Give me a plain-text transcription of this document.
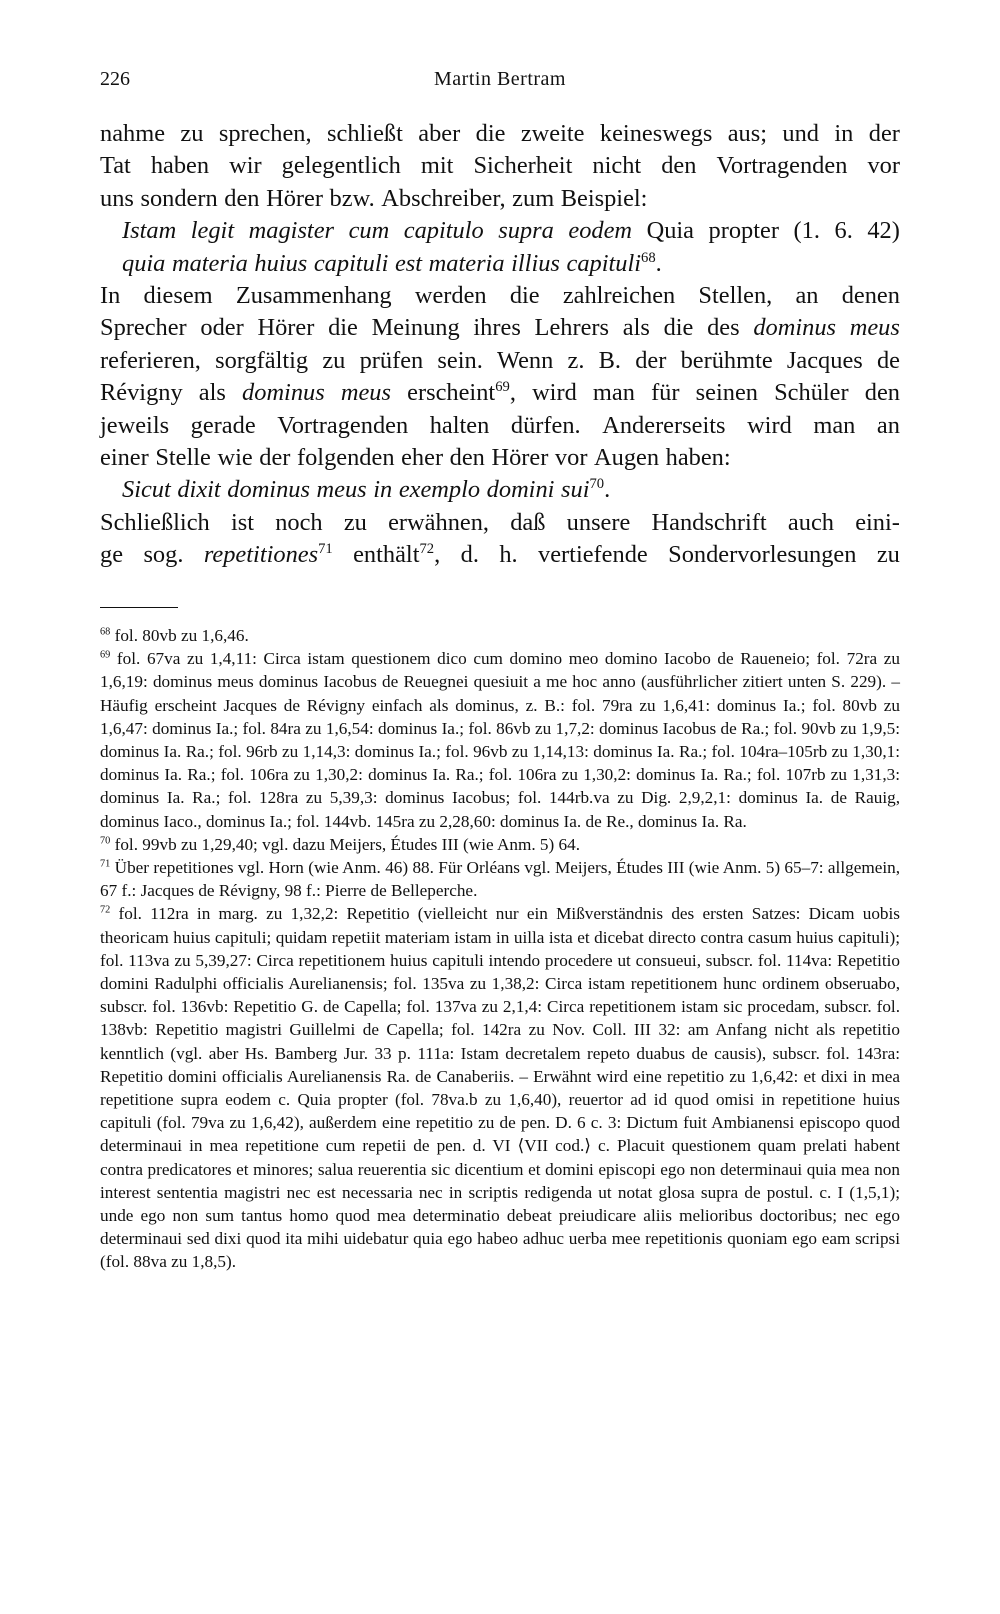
226	Martin Bertram
nahme zu sprechen, schließt aber die zweite keineswegs aus; und in der
Tat haben wir gelegentlich mit Sicherheit nicht den Vortragenden vor
uns sondern den Hörer bzw. Abschreiber, zum Beispiel:
Istam legit magister cum capitulo supra eodem Quia propter (1. 6. 42)
quia materia huius capituli est materia illius capituli$^{68}$.
In diesem Zusammenhang werden die zahlreichen Stellen, an denen
Sprecher oder Hörer die Meinung ihres Lehrers als die des dominus meus
referieren, sorgfältig zu prüfen sein. Wenn z. B. der berühmte Jacques de
Révigny als dominus meus erscheint$^{69}$, wird man für seinen Schüler den
jeweils gerade Vortragenden halten dürfen. Andererseits wird man an
einer Stelle wie der folgenden eher den Hörer vor Augen haben:
Sicut dixit dominus meus in exemplo domini sui$^{70}$.
Schließlich ist noch zu erwähnen, daß unsere Handschrift auch eini-
ge sog. repetitiones$^{71}$ enthält$^{72}$, d. h. vertiefende Sondervorlesungen zu
$^{68}$ fol. 80vb zu 1,6,46.
$^{69}$ fol. 67va zu 1,4,11: Circa istam questionem dico cum domino meo domino Iacobo de Raueneio; fol. 72ra zu 1,6,19: dominus meus dominus Iacobus de Reuegnei quesiuit a me hoc anno (ausführlicher zitiert unten S. 229). – Häufig erscheint Jacques de Révigny einfach als dominus, z. B.: fol. 79ra zu 1,6,41: dominus Ia.; fol. 80vb zu 1,6,47: dominus Ia.; fol. 84ra zu 1,6,54: dominus Ia.; fol. 86vb zu 1,7,2: dominus Iacobus de Ra.; fol. 90vb zu 1,9,5: dominus Ia. Ra.; fol. 96rb zu 1,14,3: dominus Ia.; fol. 96vb zu 1,14,13: dominus Ia. Ra.; fol. 104ra–105rb zu 1,30,1: dominus Ia. Ra.; fol. 106ra zu 1,30,2: dominus Ia. Ra.; fol. 106ra zu 1,30,2: dominus Ia. Ra.; fol. 107rb zu 1,31,3: dominus Ia. Ra.; fol. 128ra zu 5,39,3: dominus Iacobus; fol. 144rb.va zu Dig. 2,9,2,1: dominus Ia. de Rauig, dominus Iaco., dominus Ia.; fol. 144vb. 145ra zu 2,28,60: dominus Ia. de Re., dominus Ia. Ra.
$^{70}$ fol. 99vb zu 1,29,40; vgl. dazu Meijers, Études III (wie Anm. 5) 64.
$^{71}$ Über repetitiones vgl. Horn (wie Anm. 46) 88. Für Orléans vgl. Meijers, Études III (wie Anm. 5) 65–7: allgemein, 67 f.: Jacques de Révigny, 98 f.: Pierre de Belleperche.
$^{72}$ fol. 112ra in marg. zu 1,32,2: Repetitio (vielleicht nur ein Mißverständnis des ersten Satzes: Dicam uobis theoricam huius capituli; quidam repetiit materiam istam in uilla ista et dicebat directo contra casum huius capituli); fol. 113va zu 5,39,27: Circa repetitionem huius capituli intendo procedere ut consueui, subscr. fol. 114va: Repetitio domini Radulphi officialis Aurelianensis; fol. 135va zu 1,38,2: Circa istam repetitionem hunc ordinem obseruabo, subscr. fol. 136vb: Repetitio G. de Capella; fol. 137va zu 2,1,4: Circa repetitionem istam sic procedam, subscr. fol. 138vb: Repetitio magistri Guillelmi de Capella; fol. 142ra zu Nov. Coll. III 32: am Anfang nicht als repetitio kenntlich (vgl. aber Hs. Bamberg Jur. 33 p. 111a: Istam decretalem repeto duabus de causis), subscr. fol. 143ra: Repetitio domini officialis Aurelianensis Ra. de Canaberiis. – Erwähnt wird eine repetitio zu 1,6,42: et dixi in mea repetitione supra eodem c. Quia propter (fol. 78va.b zu 1,6,40), reuertor ad id quod omisi in repetitione huius capituli (fol. 79va zu 1,6,42), außerdem eine repetitio zu de pen. D. 6 c. 3: Dictum fuit Ambianensi episcopo quod determinaui in mea repetitione cum repetii de pen. d. VI ⟨VII cod.⟩ c. Placuit questionem quam prelati habent contra predicatores et minores; salua reuerentia sic dicentium et domini episcopi ego non determinaui quia mea non interest sententia magistri nec est necessaria nec in scriptis redigenda ut notat glosa supra de postul. c. I (1,5,1); unde ego non sum tantus homo quod mea determinatio debeat preiudicare aliis melioribus doctoribus; nec ego determinaui sed dixi quod ita mihi uidebatur quia ego habeo adhuc uerba mee repetitionis quoniam ego eam scripsi (fol. 88va zu 1,8,5).
